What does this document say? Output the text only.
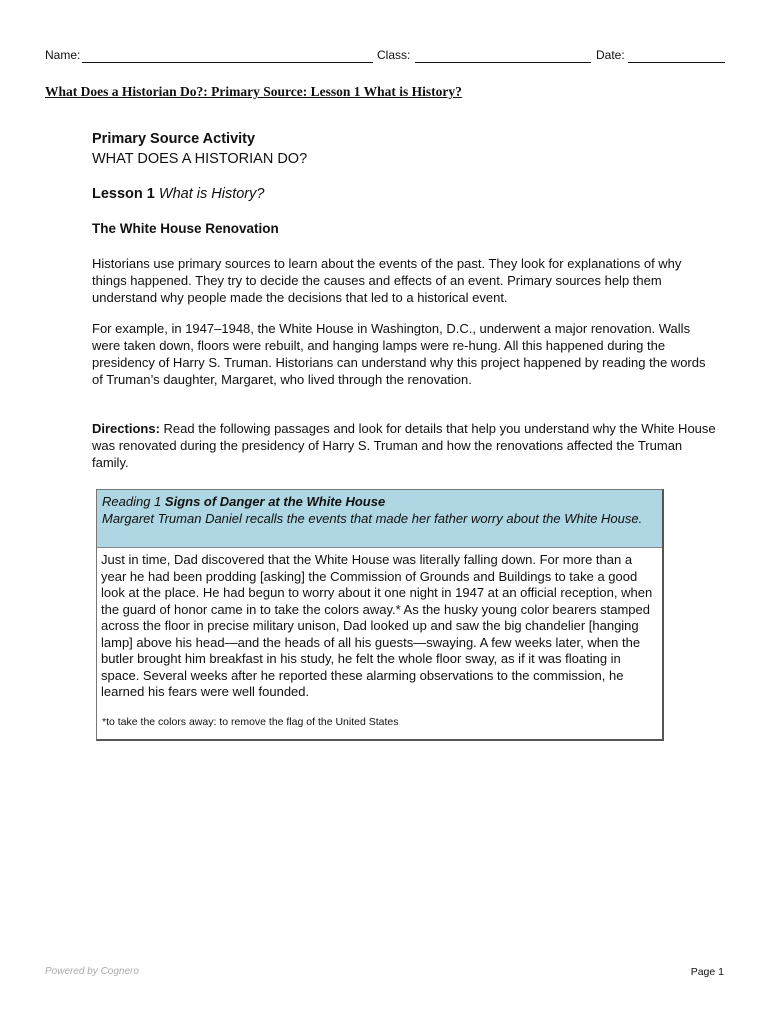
Name:	Class:	Date:
What Does a Historian Do?: Primary Source: Lesson 1 What is History?
Primary Source Activity
WHAT DOES A HISTORIAN DO?
Lesson 1 What is History?
The White House Renovation
Historians use primary sources to learn about the events of the past. They look for explanations of why things happened. They try to decide the causes and effects of an event. Primary sources help them understand why people made the decisions that led to a historical event.
For example, in 1947–1948, the White House in Washington, D.C., underwent a major renovation. Walls were taken down, floors were rebuilt, and hanging lamps were re-hung. All this happened during the presidency of Harry S. Truman. Historians can understand why this project happened by reading the words of Truman’s daughter, Margaret, who lived through the renovation.
Directions: Read the following passages and look for details that help you understand why the White House was renovated during the presidency of Harry S. Truman and how the renovations affected the Truman family.
Reading 1 Signs of Danger at the White House
Margaret Truman Daniel recalls the events that made her father worry about the White House.
Just in time, Dad discovered that the White House was literally falling down. For more than a year he had been prodding [asking] the Commission of Grounds and Buildings to take a good look at the place. He had begun to worry about it one night in 1947 at an official reception, when the guard of honor came in to take the colors away.* As the husky young color bearers stamped across the floor in precise military unison, Dad looked up and saw the big chandelier [hanging lamp] above his head—and the heads of all his guests—swaying. A few weeks later, when the butler brought him breakfast in his study, he felt the whole floor sway, as if it was floating in space. Several weeks after he reported these alarming observations to the commission, he learned his fears were well founded.
*to take the colors away: to remove the flag of the United States
Powered by Cognero	Page 1
